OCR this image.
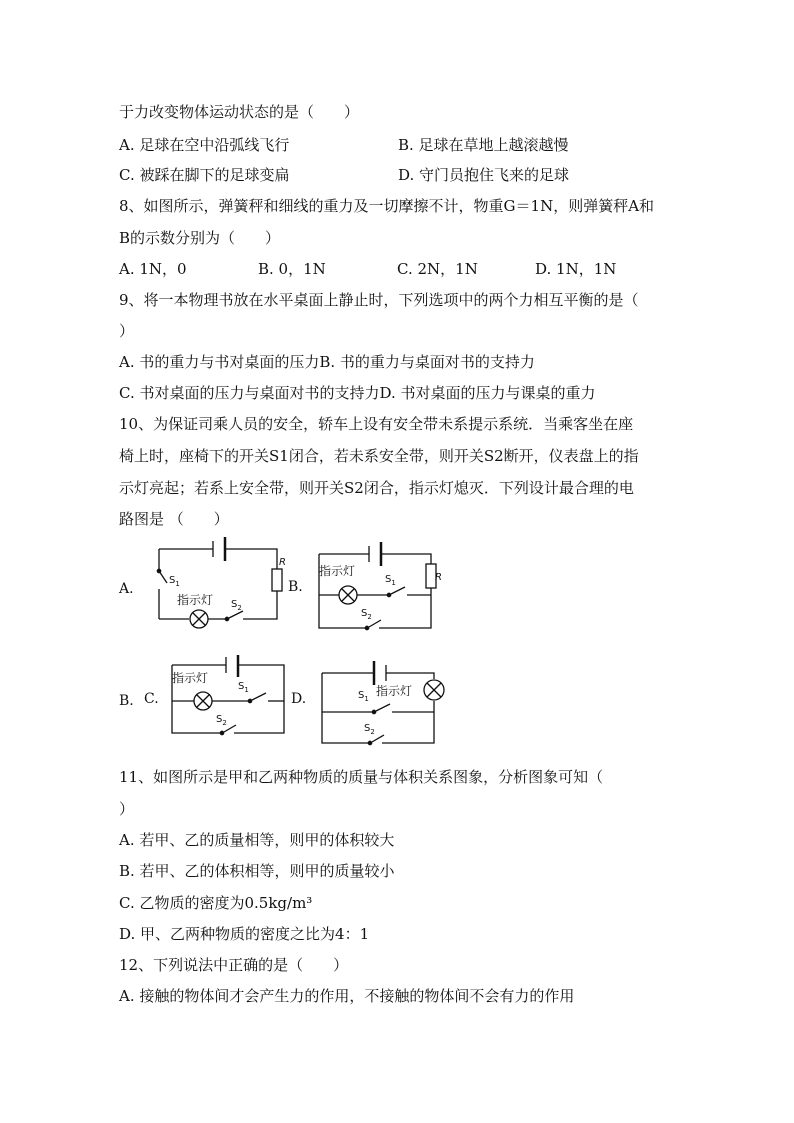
于力改变物体运动状态的是（　　）
A. 足球在空中沿弧线飞行	B. 足球在草地上越滚越慢
C. 被踩在脚下的足球变扁	D. 守门员抱住飞来的足球
8、如图所示，弹簧秤和细线的重力及一切摩擦不计，物重G＝1N，则弹簧秤A和
B的示数分别为（　　）
A. 1N，0	B. 0，1N	C. 2N，1N	D. 1N，1N
9、将一本物理书放在水平桌面上静止时，下列选项中的两个力相互平衡的是（
）
A. 书的重力与书对桌面的压力B. 书的重力与桌面对书的支持力
C. 书对桌面的压力与桌面对书的支持力D. 书对桌面的压力与课桌的重力
10、为保证司乘人员的安全，轿车上设有安全带未系提示系统．当乘客坐在座
椅上时，座椅下的开关S1闭合，若未系安全带，则开关S2断开，仪表盘上的指
示灯亮起；若系上安全带，则开关S2闭合，指示灯熄灭．下列设计最合理的电
路图是 （　　）
A.	B.
B. C.	D.
$S_1$
指示灯 $S_2$
R
指示灯
$S_1$
$S_2$
R
指示灯
$S_1$
$S_2$
$S_1$
指示灯
$S_2$
11、如图所示是甲和乙两种物质的质量与体积关系图象，分析图象可知（
）
A. 若甲、乙的质量相等，则甲的体积较大
B. 若甲、乙的体积相等，则甲的质量较小
C. 乙物质的密度为0.5kg/m³
D. 甲、乙两种物质的密度之比为4：1
12、下列说法中正确的是（　　）
A. 接触的物体间才会产生力的作用，不接触的物体间不会有力的作用
